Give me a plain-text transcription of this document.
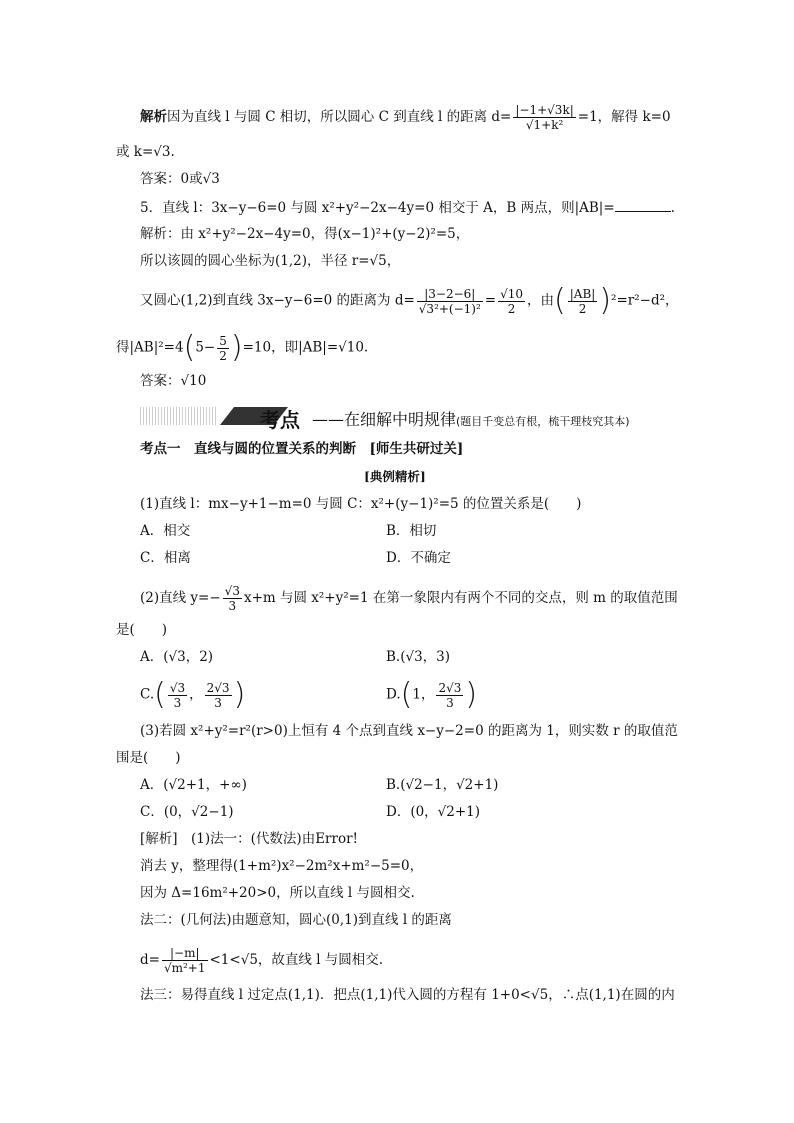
解析因为直线 l 与圆 C 相切，所以圆心 C 到直线 l 的距离 $d= \frac{|-1+√3k|}{\text{√1+k²}} =1$，解得 k=0
或 k=√3.
答案：0或√3
5．直线 l：3x−y−6=0 与圆 x²+y²−2x−4y=0 相交于 A，B 两点，则|AB|=	.
解析：由 x²+y²−2x−4y=0，得(x−1)²+(y−2)²=5，
所以该圆的圆心坐标为(1,2)，半径 r=√5，
又圆心(1,2)到直线 3x−y−6=0 的距离为 $d= \frac{|3-2-6|}{\text{√3²+(−1)²}} = \frac{√10}{2}$ ，由( $\frac{|AB|}{2} )^2=r^2-d^2$，
得$|AB|^2=4(5- \frac{5}{2} )=10$，即|AB|=√10.
答案：√10
考点 ——在细解中明规律(题目千变总有根，梳干理枝究其本)
考点一　直线与圆的位置关系的判断　[师生共研过关]
[典例精析]
(1)直线 l：mx−y+1−m=0 与圆 C：x²+(y−1)²=5 的位置关系是(　　)
A．相交	B．相切
C．相离	D．不确定
(2)直线 $y=- \frac{√3}{3} x+m$ 与圆 x²+y²=1 在第一象限内有两个不同的交点，则 m 的取值范围
是(　　)
A．(√3，2)	B.(√3，3)
$C.( \frac{√3}{3}$ ， $\frac{2√3}{3}$ )	D.(1， $\frac{2√3}{3}$ )
(3)若圆 x²+y²=r²(r>0)上恒有 4 个点到直线 x−y−2=0 的距离为 1，则实数 r 的取值范
围是(　　)
A．(√2+1，+∞)	B.(√2−1，√2+1)
C．(0，√2−1)	D．(0，√2+1)
[解析]　(1)法一：(代数法)由Error!
消去 y，整理得(1+m²)x²−2m²x+m²−5=0，
因为 Δ=16m²+20>0，所以直线 l 与圆相交.
法二：(几何法)由题意知，圆心(0,1)到直线 l 的距离
$d= \frac{|-m|}{\text{√m²+1}} <1<√5$，故直线 l 与圆相交.
法三：易得直线 l 过定点(1,1)．把点(1,1)代入圆的方程有 1+0<√5，∴点(1,1)在圆的内
